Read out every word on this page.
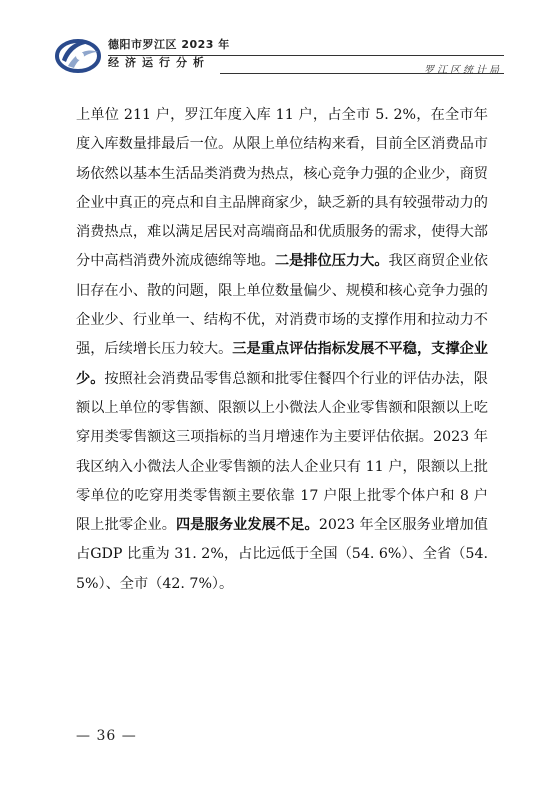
德阳市罗江区 2023 年
经济运行分析
罗江区统计局

上单位 211 户，罗江年度入库 11 户，占全市 5. 2%，在全市年度入库数量排最后一位。从限上单位结构来看，目前全区消费品市场依然以基本生活品类消费为热点，核心竞争力强的企业少，商贸企业中真正的亮点和自主品牌商家少，缺乏新的具有较强带动力的消费热点，难以满足居民对高端商品和优质服务的需求，使得大部分中高档消费外流成德绵等地。二是排位压力大。我区商贸企业依旧存在小、散的问题，限上单位数量偏少、规模和核心竞争力强的企业少、行业单一、结构不优，对消费市场的支撑作用和拉动力不强，后续增长压力较大。三是重点评估指标发展不平稳，支撑企业少。按照社会消费品零售总额和批零住餐四个行业的评估办法，限额以上单位的零售额、限额以上小微法人企业零售额和限额以上吃穿用类零售额这三项指标的当月增速作为主要评估依据。2023 年我区纳入小微法人企业零售额的法人企业只有 11 户，限额以上批零单位的吃穿用类零售额主要依靠 17 户限上批零个体户和 8 户限上批零企业。四是服务业发展不足。2023 年全区服务业增加值占GDP 比重为 31. 2%，占比远低于全国（54. 6%）、全省（54. 5%）、全市（42. 7%）。

— 36 —
